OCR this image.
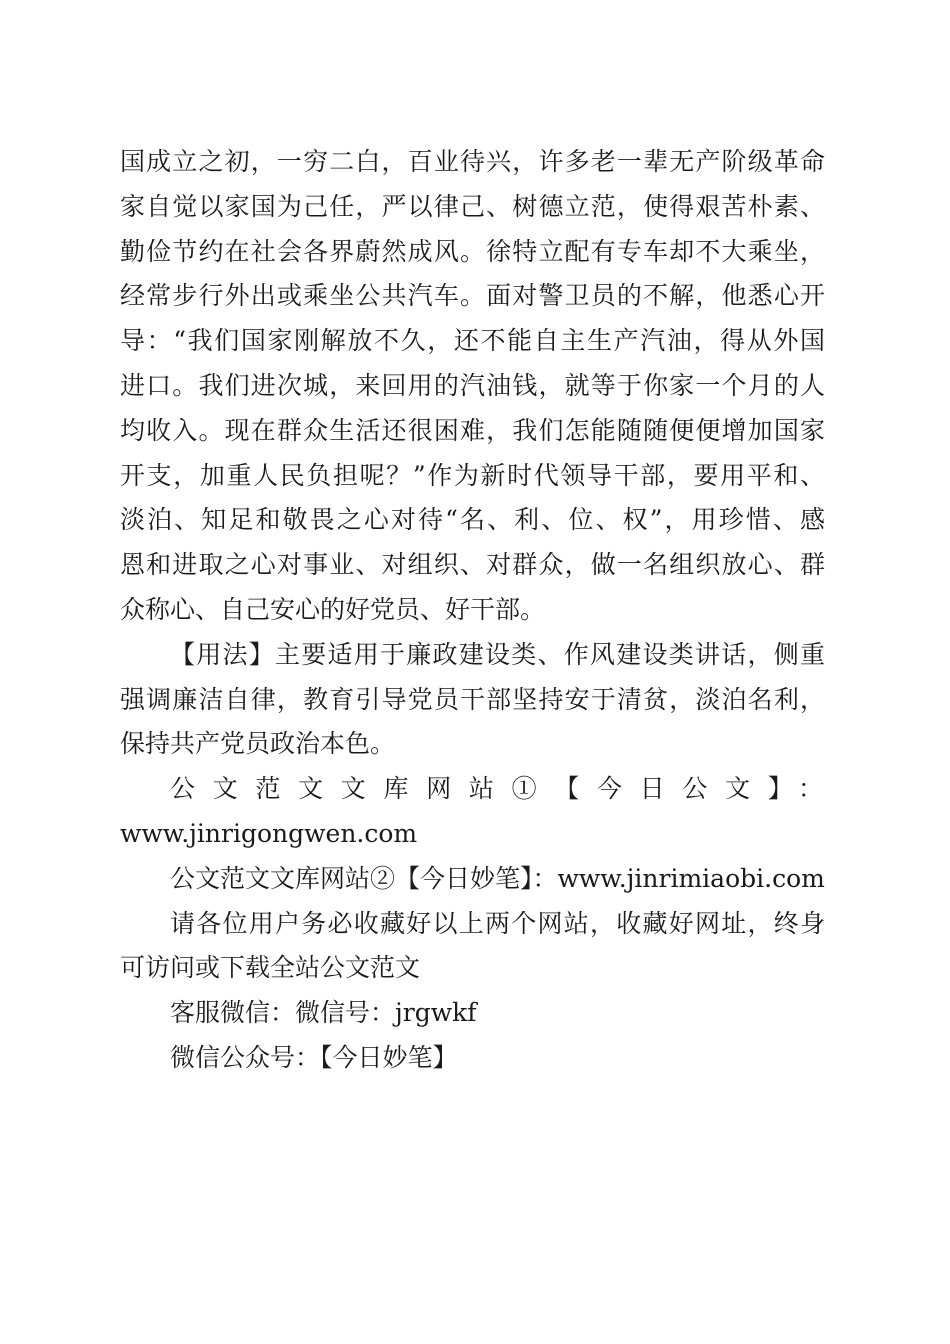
国成立之初，一穷二白，百业待兴，许多老一辈无产阶级革命
家自觉以家国为己任，严以律己、树德立范，使得艰苦朴素、
勤俭节约在社会各界蔚然成风。徐特立配有专车却不大乘坐，
经常步行外出或乘坐公共汽车。面对警卫员的不解，他悉心开
导：“我们国家刚解放不久，还不能自主生产汽油，得从外国
进口。我们进次城，来回用的汽油钱，就等于你家一个月的人
均收入。现在群众生活还很困难，我们怎能随随便便增加国家
开支，加重人民负担呢？”作为新时代领导干部，要用平和、
淡泊、知足和敬畏之心对待“名、利、位、权”，用珍惜、感
恩和进取之心对事业、对组织、对群众，做一名组织放心、群
众称心、自己安心的好党员、好干部。
【用法】主要适用于廉政建设类、作风建设类讲话，侧重
强调廉洁自律，教育引导党员干部坚持安于清贫，淡泊名利，
保持共产党员政治本色。
公文范文文库网站①【今日公文】：
www.jinrigongwen.com
公文范文文库网站②【今日妙笔】：www.jinrimiaobi.com
请各位用户务必收藏好以上两个网站，收藏好网址，终身
可访问或下载全站公文范文
客服微信：微信号：jrgwkf
微信公众号：【今日妙笔】
